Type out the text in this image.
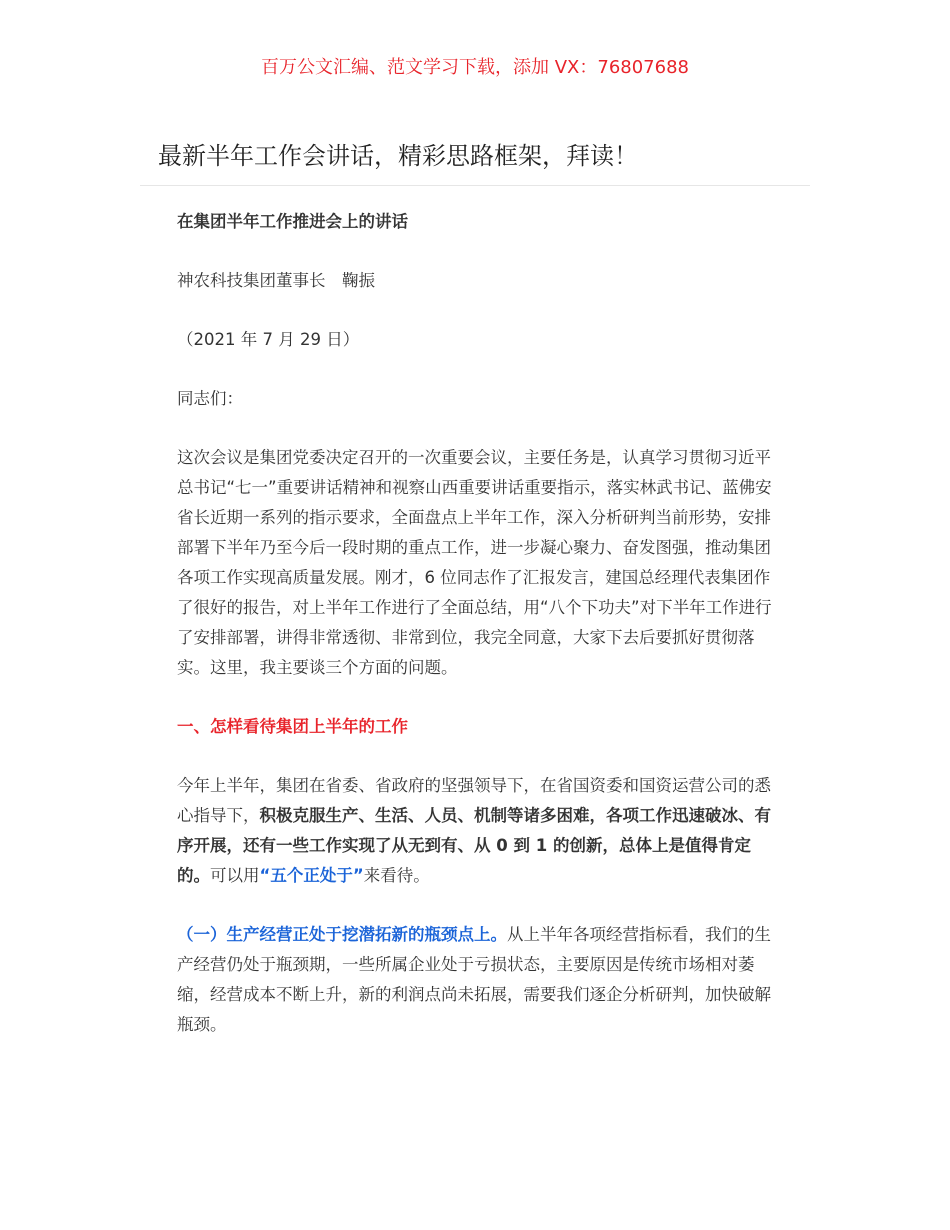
百万公文汇编、范文学习下载，添加 VX：76807688
最新半年工作会讲话，精彩思路框架，拜读！

在集团半年工作推进会上的讲话

神农科技集团董事长　鞠振

（2021 年 7 月 29 日）

同志们：

这次会议是集团党委决定召开的一次重要会议，主要任务是，认真学习贯彻习近平总书记“七一”重要讲话精神和视察山西重要讲话重要指示，落实林武书记、蓝佛安省长近期一系列的指示要求，全面盘点上半年工作，深入分析研判当前形势，安排部署下半年乃至今后一段时期的重点工作，进一步凝心聚力、奋发图强，推动集团各项工作实现高质量发展。刚才，6 位同志作了汇报发言，建国总经理代表集团作了很好的报告，对上半年工作进行了全面总结，用“八个下功夫”对下半年工作进行了安排部署，讲得非常透彻、非常到位，我完全同意，大家下去后要抓好贯彻落实。这里，我主要谈三个方面的问题。

一、怎样看待集团上半年的工作

今年上半年，集团在省委、省政府的坚强领导下，在省国资委和国资运营公司的悉心指导下，积极克服生产、生活、人员、机制等诸多困难，各项工作迅速破冰、有序开展，还有一些工作实现了从无到有、从 0 到 1 的创新，总体上是值得肯定的。可以用“五个正处于”来看待。

（一）生产经营正处于挖潜拓新的瓶颈点上。从上半年各项经营指标看，我们的生产经营仍处于瓶颈期，一些所属企业处于亏损状态，主要原因是传统市场相对萎缩，经营成本不断上升，新的利润点尚未拓展，需要我们逐企分析研判，加快破解瓶颈。
